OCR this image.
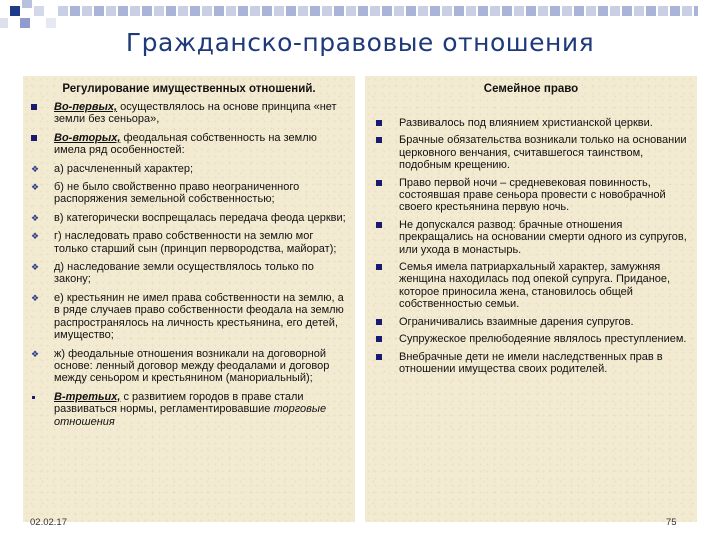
Гражданско-правовые отношения
Регулирование имущественных отношений.
Во-первых, осуществлялось на основе принципа «нет земли без сеньора»,
Во-вторых, феодальная собственность на землю имела ряд особенностей:
❖ а) расчлененный характер;
❖ б) не было свойственно право неограниченного распоряжения земельной собственностью;
❖ в) категорически воспрещалась передача феода церкви;
❖ г) наследовать право собственности на землю мог только старший сын (принцип первородства, майорат);
❖ д) наследование земли осуществлялось только по закону;
❖ е) крестьянин не имел права собственности на землю, а в ряде случаев право собственности феодала на землю распространялось на личность крестьянина, его детей, имущество;
❖ ж) феодальные отношения возникали на договорной основе: ленный договор между феодалами и договор между сеньором и крестьянином (манориальный);
В-третьих, с развитием городов в праве стали развиваться нормы, регламентировавшие торговые отношения
Семейное право
Развивалось под влиянием христианской церкви.
Брачные обязательства возникали только на основании церковного венчания, считавшегося таинством, подобным крещению.
Право первой ночи – средневековая повинность, состоявшая праве сеньора провести с новобрачной своего крестьянина первую ночь.
Не допускался развод: брачные отношения прекращались на основании смерти одного из супругов, или ухода в монастырь.
Семья имела патриархальный характер, замужняя женщина находилась под опекой супруга. Приданое, которое приносила жена, становилось общей собственностью семьи.
Ограничивались взаимные дарения супругов.
Супружеское прелюбодеяние являлось преступлением.
Внебрачные дети не имели наследственных прав в отношении имущества своих родителей.
02.02.17	75
